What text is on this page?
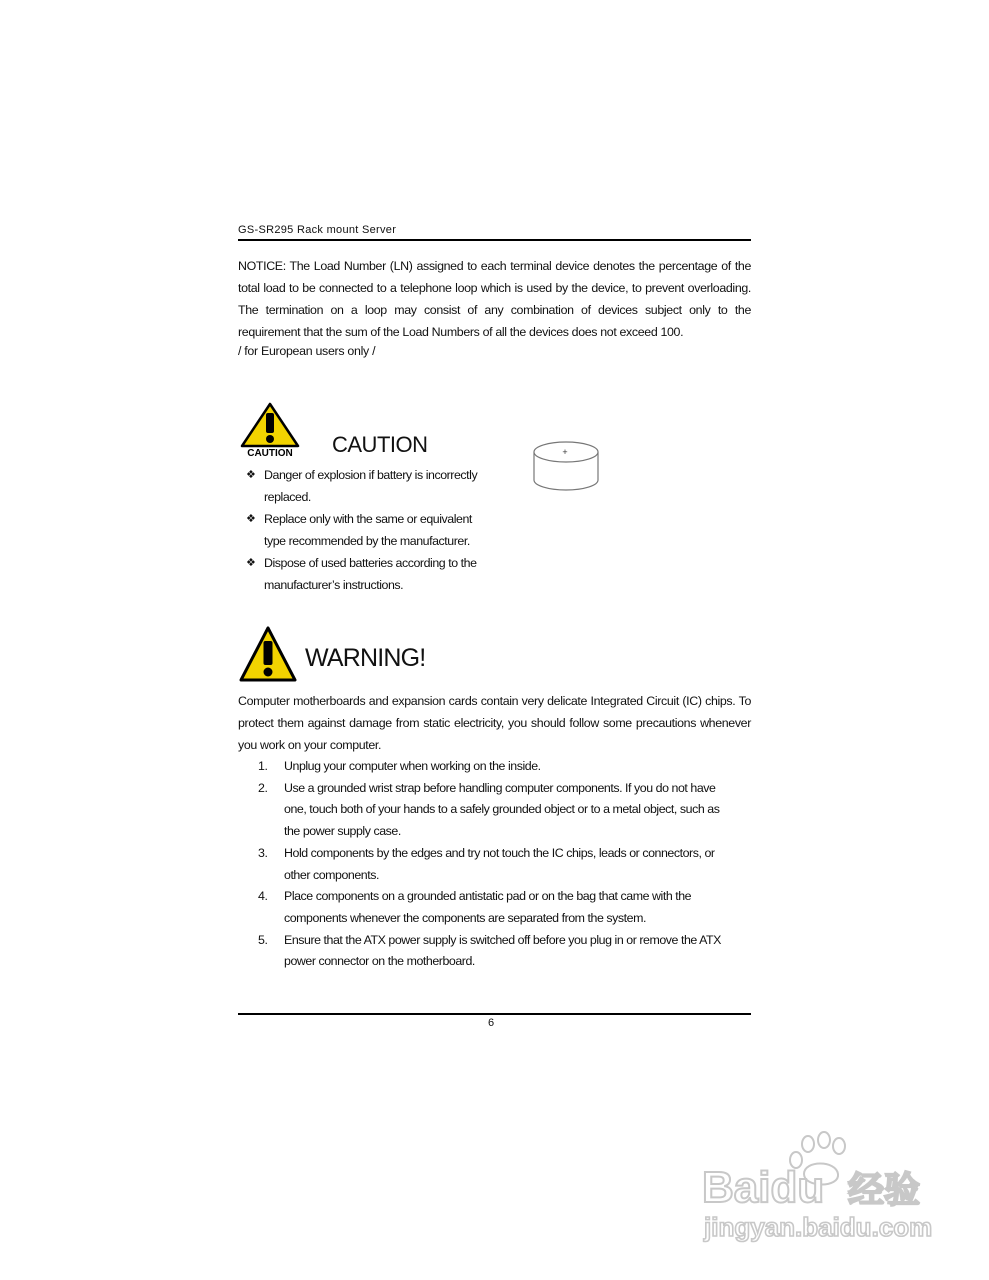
GS-SR295 Rack mount Server
NOTICE: The Load Number (LN) assigned to each terminal device denotes the percentage of the total load to be connected to a telephone loop which is used by the device, to prevent overloading. The termination on a loop may consist of any combination of devices subject only to the requirement that the sum of the Load Numbers of all the devices does not exceed 100.
/ for European users only /
CAUTION CAUTION
❖ Danger of explosion if battery is incorrectly replaced.
❖ Replace only with the same or equivalent type recommended by the manufacturer.
❖ Dispose of used batteries according to the manufacturer’s instructions.
+
WARNING!
Computer motherboards and expansion cards contain very delicate Integrated Circuit (IC) chips. To protect them against damage from static electricity, you should follow some precautions whenever you work on your computer.
1. Unplug your computer when working on the inside.
2. Use a grounded wrist strap before handling computer components. If you do not have one, touch both of your hands to a safely grounded object or to a metal object, such as the power supply case.
3. Hold components by the edges and try not touch the IC chips, leads or connectors, or other components.
4. Place components on a grounded antistatic pad or on the bag that came with the components whenever the components are separated from the system.
5. Ensure that the ATX power supply is switched off before you plug in or remove the ATX power connector on the motherboard.
6
Baidu 经验
jingyan.baidu.com
